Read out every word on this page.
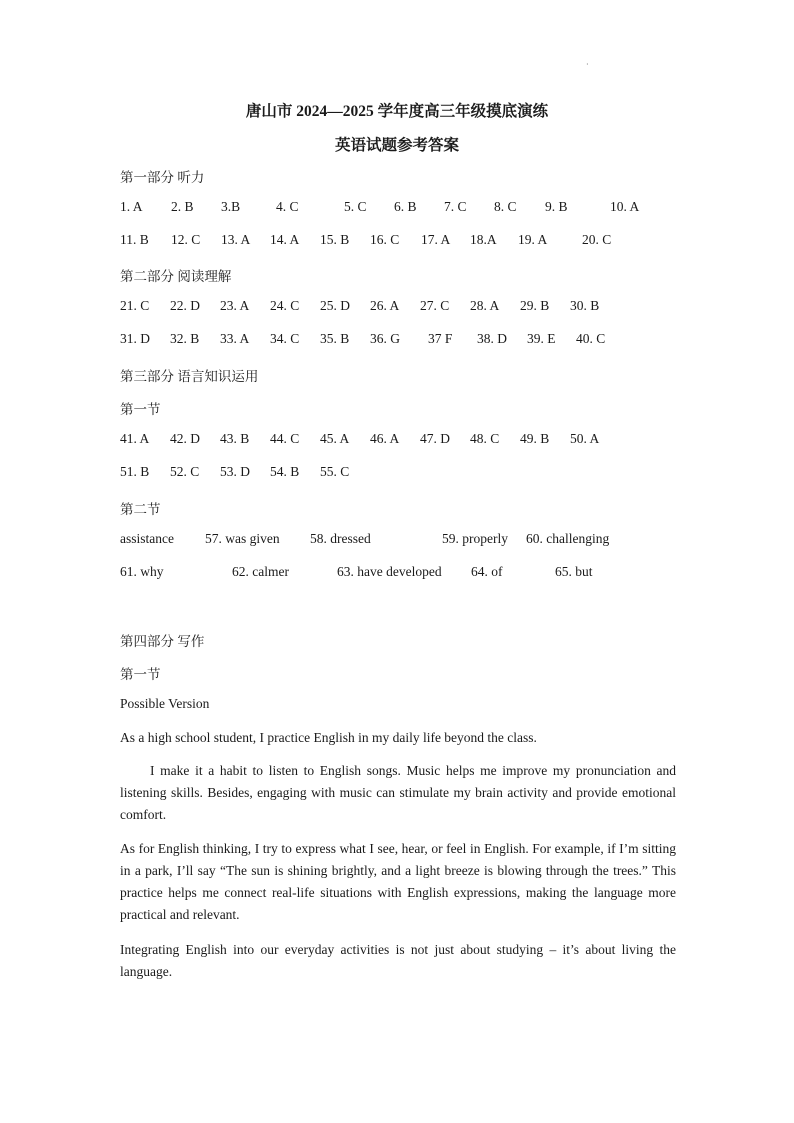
·
唐山市 2024—2025 学年度高三年级摸底演练
英语试题参考答案
第一部分 听力
1. A 2. B 3.B	4. C	5. C 6. B 7. C 8. C 9. B	10. A
11. B 12. C 13. A 14. A 15. B 16. C 17. A 18.A 19. A	20. C
第二部分 阅读理解
21. C 22. D 23. A 24. C 25. D 26. A 27. C 28. A 29. B 30. B
31. D 32. B 33. A 34. C 35. B 36. G 37 F 38. D 39. E 40. C
第三部分 语言知识运用
第一节
41. A 42. D 43. B 44. C 45. A 46. A 47. D 48. C 49. B 50. A
51. B 52. C 53. D 54. B 55. C
第二节
assistance 57. was given 58. dressed	59. properly 60. challenging
61. why	62. calmer	63. have developed 64. of	65. but
第四部分 写作
第一节
Possible Version
As a high school student, I practice English in my daily life beyond the class.
I make it a habit to listen to English songs. Music helps me improve my pronunciation and listening skills. Besides, engaging with music can stimulate my brain activity and provide emotional comfort.
As for English thinking, I try to express what I see, hear, or feel in English. For example, if I’m sitting in a park, I’ll say “The sun is shining brightly, and a light breeze is blowing through the trees.” This practice helps me connect real-life situations with English expressions, making the language more practical and relevant.
Integrating English into our everyday activities is not just about studying – it’s about living the language.
